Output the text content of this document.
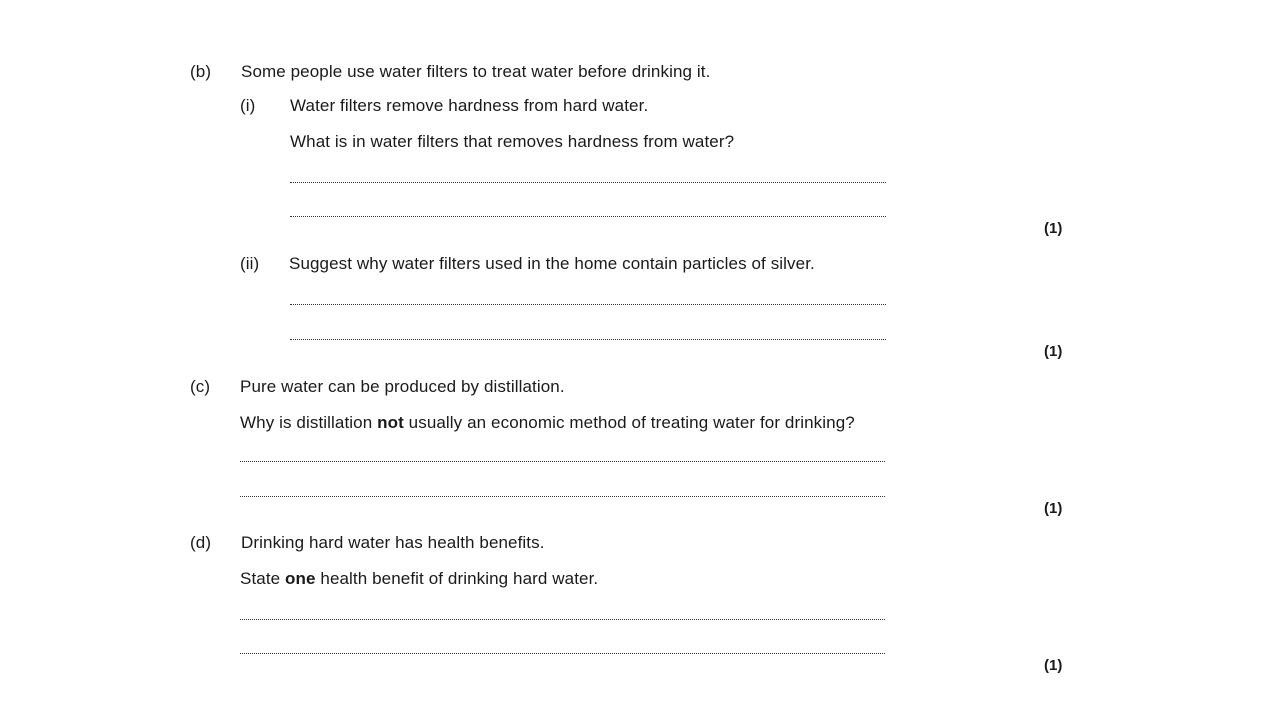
(b) Some people use water filters to treat water before drinking it.
(i) Water filters remove hardness from hard water.
What is in water filters that removes hardness from water?
(1)
(ii) Suggest why water filters used in the home contain particles of silver.
(1)
(c) Pure water can be produced by distillation.
Why is distillation not usually an economic method of treating water for drinking?
(1)
(d) Drinking hard water has health benefits.
State one health benefit of drinking hard water.
(1)
